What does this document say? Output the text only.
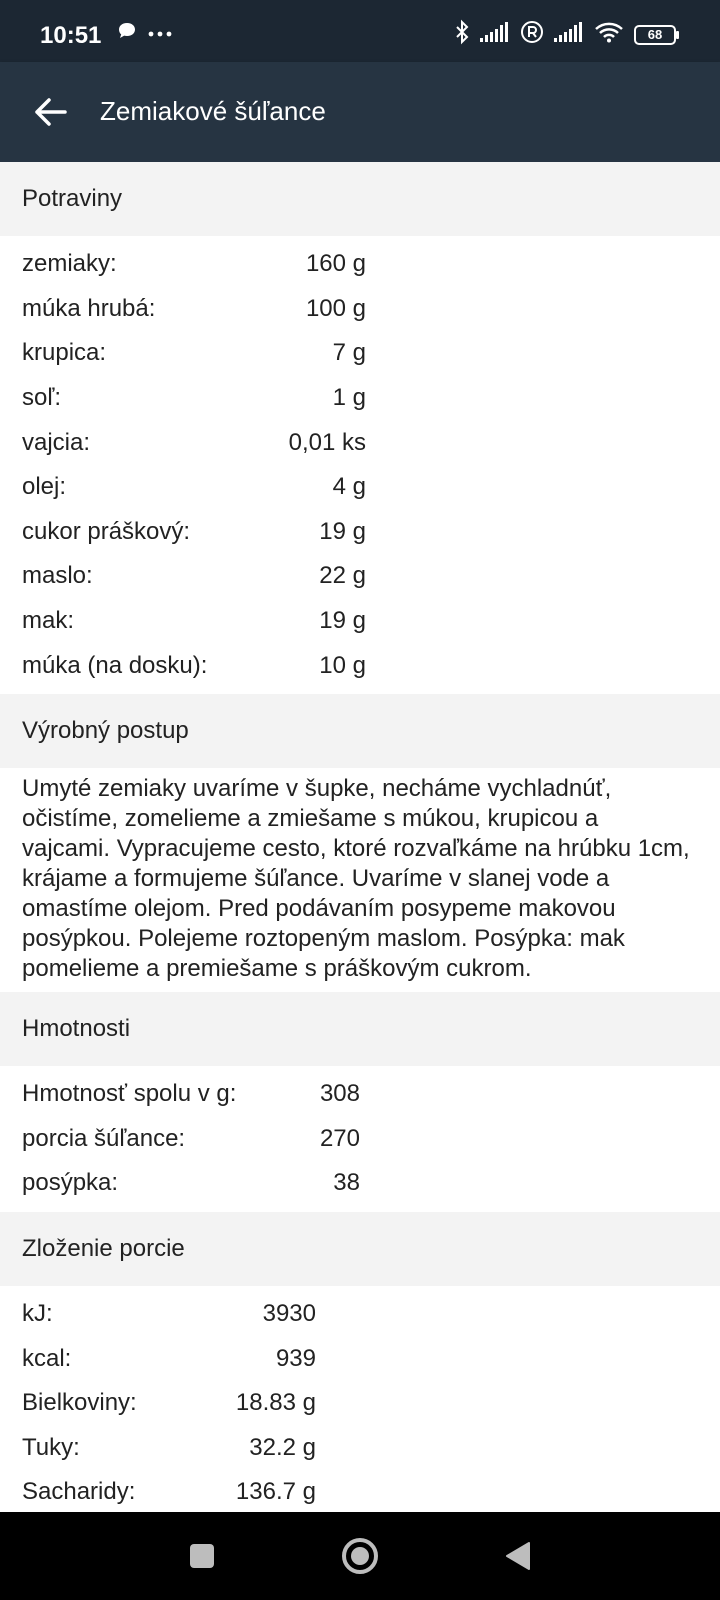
10:51	68
Zemiakové šúľance
Potraviny
zemiaky:	160 g
múka hrubá:	100 g
krupica:	7 g
soľ:	1 g
vajcia:	0,01 ks
olej:	4 g
cukor práškový:	19 g
maslo:	22 g
mak:	19 g
múka (na dosku):	10 g
Výrobný postup
Umyté zemiaky uvaríme v šupke, necháme vychladnúť, očistíme, zomelieme a zmiešame s múkou, krupicou a vajcami. Vypracujeme cesto, ktoré rozvaľkáme na hrúbku 1cm, krájame a formujeme šúľance. Uvaríme v slanej vode a omastíme olejom. Pred podávaním posypeme makovou posýpkou. Polejeme roztopeným maslom. Posýpka: mak pomelieme a premiešame s práškovým cukrom.
Hmotnosti
Hmotnosť spolu v g:	308
porcia šúľance:	270
posýpka:	38
Zloženie porcie
kJ:	3930
kcal:	939
Bielkoviny:	18.83 g
Tuky:	32.2 g
Sacharidy:	136.7 g
